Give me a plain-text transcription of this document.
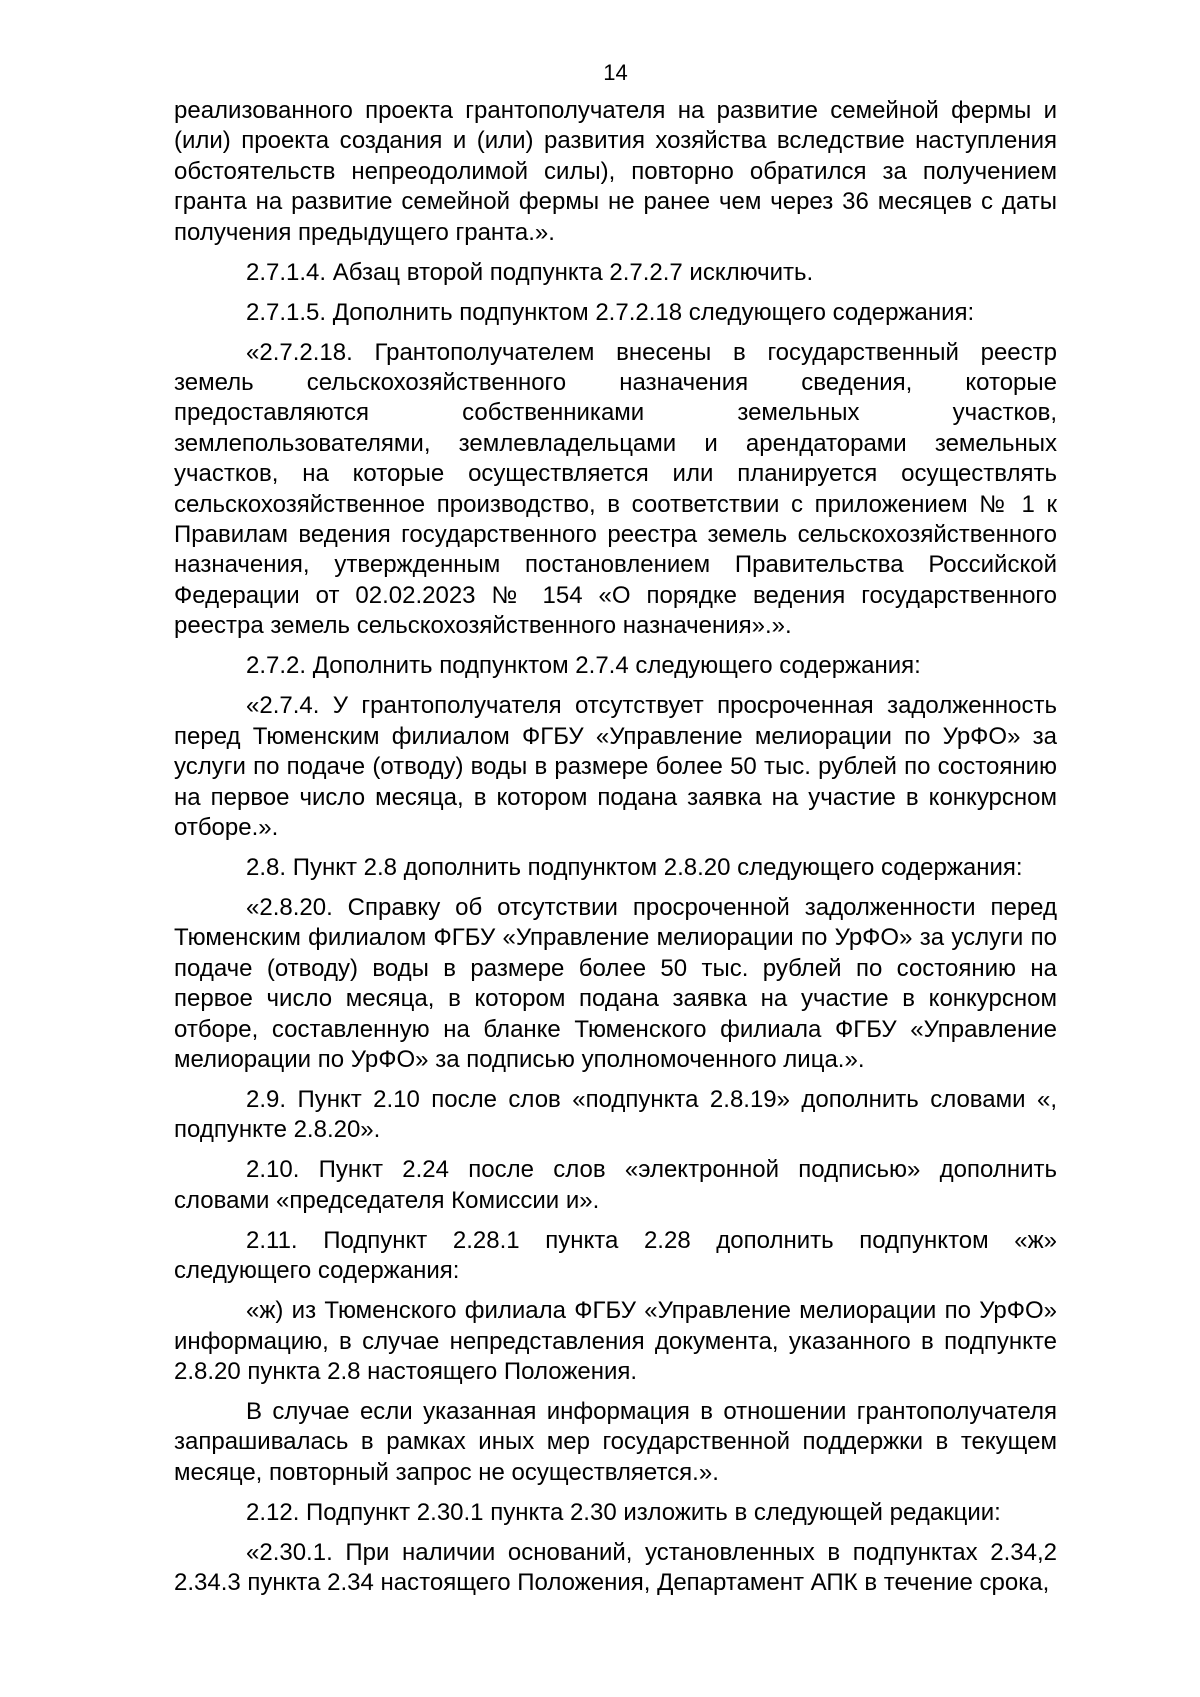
14

реализованного проекта грантополучателя на развитие семейной фермы и (или) проекта создания и (или) развития хозяйства вследствие наступления обстоятельств непреодолимой силы), повторно обратился за получением гранта на развитие семейной фермы не ранее чем через 36 месяцев с даты получения предыдущего гранта.».

2.7.1.4. Абзац второй подпункта 2.7.2.7 исключить.

2.7.1.5. Дополнить подпунктом 2.7.2.18 следующего содержания:

«2.7.2.18. Грантополучателем внесены в государственный реестр земель сельскохозяйственного назначения сведения, которые предоставляются собственниками земельных участков, землепользователями, землевладельцами и арендаторами земельных участков, на которые осуществляется или планируется осуществлять сельскохозяйственное производство, в соответствии с приложением № 1 к Правилам ведения государственного реестра земель сельскохозяйственного назначения, утвержденным постановлением Правительства Российской Федерации от 02.02.2023 № 154 «О порядке ведения государственного реестра земель сельскохозяйственного назначения».».

2.7.2. Дополнить подпунктом 2.7.4 следующего содержания:

«2.7.4. У грантополучателя отсутствует просроченная задолженность перед Тюменским филиалом ФГБУ «Управление мелиорации по УрФО» за услуги по подаче (отводу) воды в размере более 50 тыс. рублей по состоянию на первое число месяца, в котором подана заявка на участие в конкурсном отборе.».

2.8. Пункт 2.8 дополнить подпунктом 2.8.20 следующего содержания:

«2.8.20. Справку об отсутствии просроченной задолженности перед Тюменским филиалом ФГБУ «Управление мелиорации по УрФО» за услуги по подаче (отводу) воды в размере более 50 тыс. рублей по состоянию на первое число месяца, в котором подана заявка на участие в конкурсном отборе, составленную на бланке Тюменского филиала ФГБУ «Управление мелиорации по УрФО» за подписью уполномоченного лица.».

2.9. Пункт 2.10 после слов «подпункта 2.8.19» дополнить словами «, подпункте 2.8.20».

2.10. Пункт 2.24 после слов «электронной подписью» дополнить словами «председателя Комиссии и».

2.11. Подпункт 2.28.1 пункта 2.28 дополнить подпунктом «ж» следующего содержания:

«ж) из Тюменского филиала ФГБУ «Управление мелиорации по УрФО» информацию, в случае непредставления документа, указанного в подпункте 2.8.20 пункта 2.8 настоящего Положения.

В случае если указанная информация в отношении грантополучателя запрашивалась в рамках иных мер государственной поддержки в текущем месяце, повторный запрос не осуществляется.».

2.12. Подпункт 2.30.1 пункта 2.30 изложить в следующей редакции:

«2.30.1. При наличии оснований, установленных в подпунктах 2.34,2 2.34.3 пункта 2.34 настоящего Положения, Департамент АПК в течение срока,
